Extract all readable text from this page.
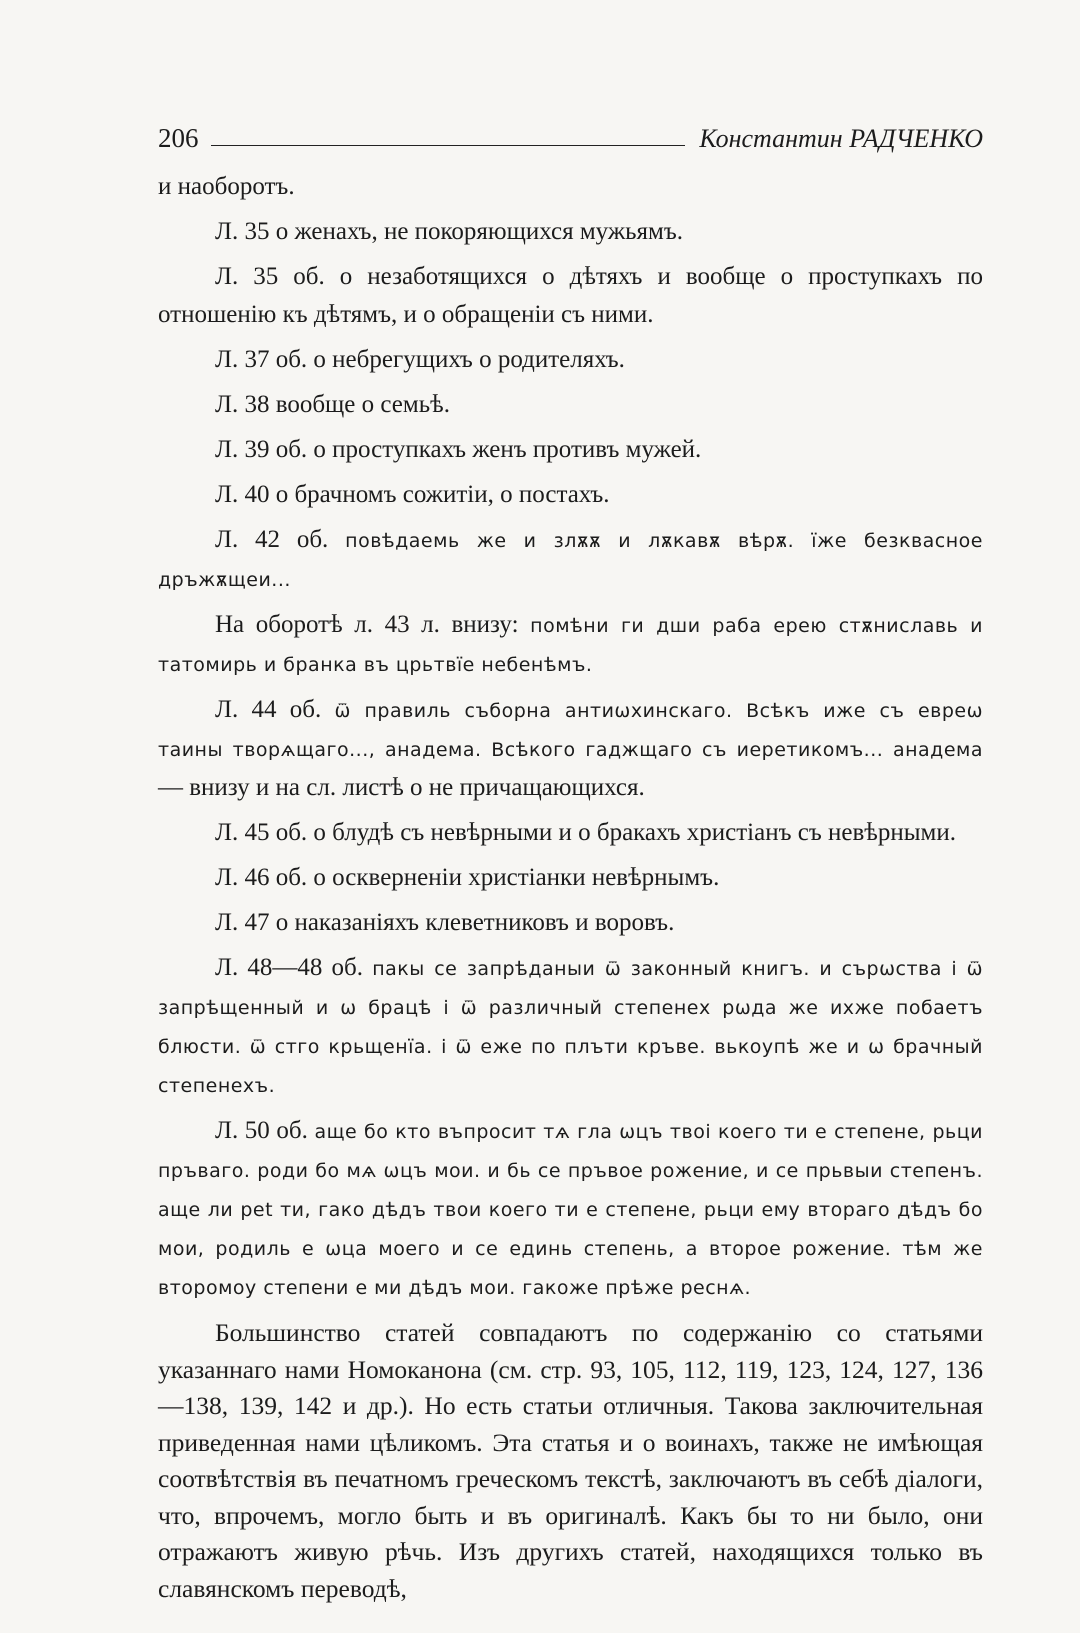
206	Константин РАДЧЕНКО

и наоборотъ.

Л. 35 о женахъ, не покоряющихся мужьямъ.

Л. 35 об. о незаботящихся о дѣтяхъ и вообще о проступкахъ по отношенію къ дѣтямъ, и о обращеніи съ ними.

Л. 37 об. о небрегущихъ о родителяхъ.

Л. 38 вообще о семьѣ.

Л. 39 об. о проступкахъ женъ противъ мужей.

Л. 40 о брачномъ сожитіи, о постахъ.

Л. 42 об. повѣдаемь же и злѫѫ и лѫкавѫ вѣрѫ. їже безквасное дръжѫщеи...

На оборотѣ л. 43 л. внизу: помѣни ги дши раба ерею стѫниславь и татомирь и бранка въ црьтвїе небенѣмъ.

Л. 44 об. ѿ правиль съборна антиѡхинскаго. Всѣкъ иже съ евреѡ таины творѧщаго..., анадема. Всѣкого гаджщаго съ иеретикомъ... анадема — внизу и на сл. листѣ о не причащающихся.

Л. 45 об. о блудѣ съ невѣрными и о бракахъ христіанъ съ невѣрными.

Л. 46 об. о оскверненіи христіанки невѣрнымъ.

Л. 47 о наказаніяхъ клеветниковъ и воровъ.

Л. 48—48 об. пакы се запрѣданыи ѿ законный книгъ. и сърѡства і ѿ запрѣщенный и ѡ брацѣ і ѿ различный степенех рѡда же ихже побаетъ блюсти. ѿ стго крьщенїа. і ѿ еже по плъти кръве. вькоупѣ же и ѡ брачный степенехъ.

Л. 50 об. аще бо кто въпросит тѧ гла ѡцъ твоі коего ти е степене, рьци пръваго. роди бо мѧ ѡцъ мои. и бь се пръвое рожение, и се прьвыи степенъ. аще ли реt ти, гако дѣдъ твои коего ти е степене, рьци ему втораго дѣдъ бо мои, родиль е ѡца моего и се единь степень, а второе рожение. тѣм же второмоу степени е ми дѣдъ мои. гакоже прѣже реснѧ.

Большинство статей совпадаютъ по содержанію со статьями указаннаго нами Номоканона (см. стр. 93, 105, 112, 119, 123, 124, 127, 136—138, 139, 142 и др.). Но есть статьи отличныя. Такова заключительная приведенная нами цѣликомъ. Эта статья и о воинахъ, также не имѣющая соотвѣтствія въ печатномъ греческомъ текстѣ, заключаютъ въ себѣ діалоги, что, впрочемъ, могло быть и въ оригиналѣ. Какъ бы то ни было, они отражаютъ живую рѣчь. Изъ другихъ статей, находящихся только въ славянскомъ переводѣ,
